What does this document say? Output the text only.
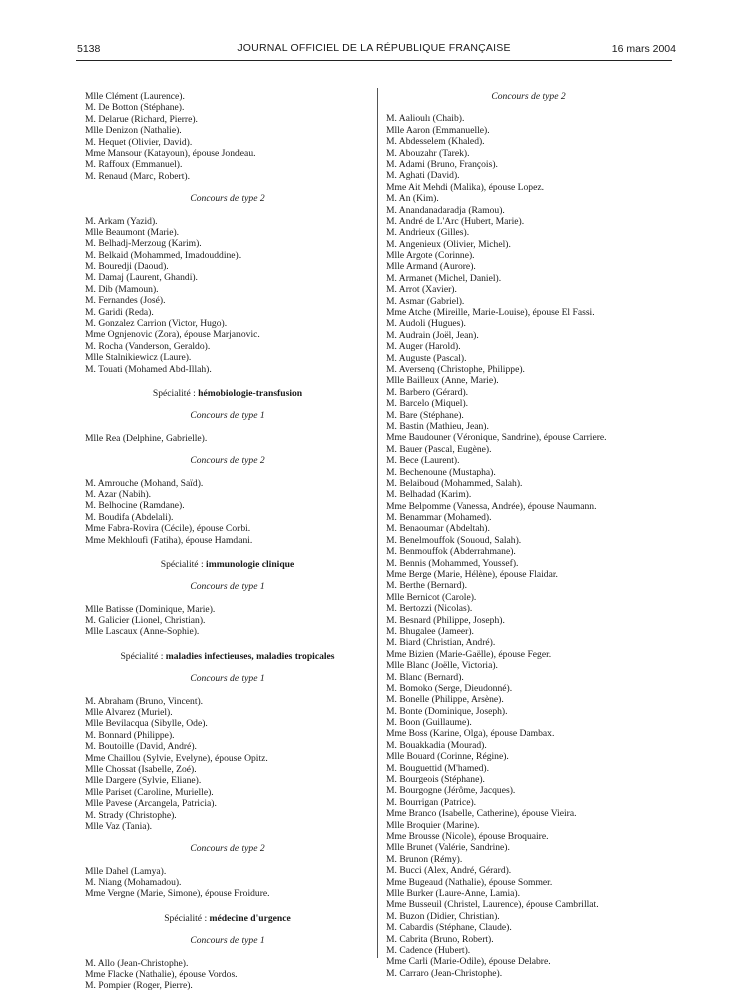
5138	JOURNAL OFFICIEL DE LA RÉPUBLIQUE FRANÇAISE	16 mars 2004
Mlle Clément (Laurence).
M. De Botton (Stéphane).
M. Delarue (Richard, Pierre).
Mlle Denizon (Nathalie).
M. Hequet (Olivier, David).
Mme Mansour (Katayoun), épouse Jondeau.
M. Raffoux (Emmanuel).
M. Renaud (Marc, Robert).
Concours de type 2
M. Arkam (Yazid).
Mlle Beaumont (Marie).
M. Belhadj-Merzoug (Karim).
M. Belkaid (Mohammed, Imadouddine).
M. Bouredji (Daoud).
M. Damaj (Laurent, Ghandi).
M. Dib (Mamoun).
M. Fernandes (José).
M. Garidi (Reda).
M. Gonzalez Carrion (Victor, Hugo).
Mme Ognjenovic (Zora), épouse Marjanovic.
M. Rocha (Vanderson, Geraldo).
Mlle Stalnikiewicz (Laure).
M. Touati (Mohamed Abd-Illah).
Spécialité : hémobiologie-transfusion
Concours de type 1
Mlle Rea (Delphine, Gabrielle).
Concours de type 2
M. Amrouche (Mohand, Saïd).
M. Azar (Nabih).
M. Belhocine (Ramdane).
M. Boudifa (Abdelali).
Mme Fabra-Rovira (Cécile), épouse Corbi.
Mme Mekhloufi (Fatiha), épouse Hamdani.
Spécialité : immunologie clinique
Concours de type 1
Mlle Batisse (Dominique, Marie).
M. Galicier (Lionel, Christian).
Mlle Lascaux (Anne-Sophie).
Spécialité : maladies infectieuses, maladies tropicales
Concours de type 1
M. Abraham (Bruno, Vincent).
Mlle Alvarez (Muriel).
Mlle Bevilacqua (Sibylle, Ode).
M. Bonnard (Philippe).
M. Boutoille (David, André).
Mme Chaillou (Sylvie, Evelyne), épouse Opitz.
Mlle Chossat (Isabelle, Zoé).
Mlle Dargere (Sylvie, Eliane).
Mlle Pariset (Caroline, Murielle).
Mlle Pavese (Arcangela, Patricia).
M. Strady (Christophe).
Mlle Vaz (Tania).
Concours de type 2
Mlle Dahel (Lamya).
M. Niang (Mohamadou).
Mme Vergne (Marie, Simone), épouse Froidure.
Spécialité : médecine d'urgence
Concours de type 1
M. Allo (Jean-Christophe).
Mme Flacke (Nathalie), épouse Vordos.
M. Pompier (Roger, Pierre).
Concours de type 2
M. Aalioulı (Chaib).
Mlle Aaron (Emmanuelle).
M. Abdesselem (Khaled).
M. Abouzahr (Tarek).
M. Adami (Bruno, François).
M. Aghati (David).
Mme Ait Mehdi (Malika), épouse Lopez.
M. An (Kim).
M. Anandanadaradja (Ramou).
M. André de L'Arc (Hubert, Marie).
M. Andrieux (Gilles).
M. Angenieux (Olivier, Michel).
Mlle Argote (Corinne).
Mlle Armand (Aurore).
M. Armanet (Michel, Daniel).
M. Arrot (Xavier).
M. Asmar (Gabriel).
Mme Atche (Mireille, Marie-Louise), épouse El Fassi.
M. Audoli (Hugues).
M. Audrain (Joël, Jean).
M. Auger (Harold).
M. Auguste (Pascal).
M. Aversenq (Christophe, Philippe).
Mlle Bailleux (Anne, Marie).
M. Barbero (Gérard).
M. Barcelo (Miquel).
M. Bare (Stéphane).
M. Bastin (Mathieu, Jean).
Mme Baudouner (Véronique, Sandrine), épouse Carriere.
M. Bauer (Pascal, Eugène).
M. Bece (Laurent).
M. Bechenoune (Mustapha).
M. Belaiboud (Mohammed, Salah).
M. Belhadad (Karim).
Mme Belpomme (Vanessa, Andrée), épouse Naumann.
M. Benammar (Mohamed).
M. Benaoumar (Abdeltah).
M. Benelmouffok (Sououd, Salah).
M. Benmouffok (Abderrahmane).
M. Bennis (Mohammed, Youssef).
Mme Berge (Marie, Hélène), épouse Flaidar.
M. Berthe (Bernard).
Mlle Bernicot (Carole).
M. Bertozzi (Nicolas).
M. Besnard (Philippe, Joseph).
M. Bhugalee (Jameer).
M. Biard (Christian, André).
Mme Bizien (Marie-Gaëlle), épouse Feger.
Mlle Blanc (Joëlle, Victoria).
M. Blanc (Bernard).
M. Bomoko (Serge, Dieudonné).
M. Bonelle (Philippe, Arsène).
M. Bonte (Dominique, Joseph).
M. Boon (Guillaume).
Mme Boss (Karine, Olga), épouse Dambax.
M. Bouakkadia (Mourad).
Mlle Bouard (Corinne, Régine).
M. Bouguettid (M'hamed).
M. Bourgeois (Stéphane).
M. Bourgogne (Jérôme, Jacques).
M. Bourrigan (Patrice).
Mme Branco (Isabelle, Catherine), épouse Vieira.
Mlle Broquier (Marine).
Mme Brousse (Nicole), épouse Broquaire.
Mlle Brunet (Valérie, Sandrine).
M. Brunon (Rémy).
M. Bucci (Alex, André, Gérard).
Mme Bugeaud (Nathalie), épouse Sommer.
Mlle Burker (Laure-Anne, Lamia).
Mme Busseuil (Christel, Laurence), épouse Cambrillat.
M. Buzon (Didier, Christian).
M. Cabardis (Stéphane, Claude).
M. Cabrita (Bruno, Robert).
M. Cadence (Hubert).
Mme Carli (Marie-Odile), épouse Delabre.
M. Carraro (Jean-Christophe).
